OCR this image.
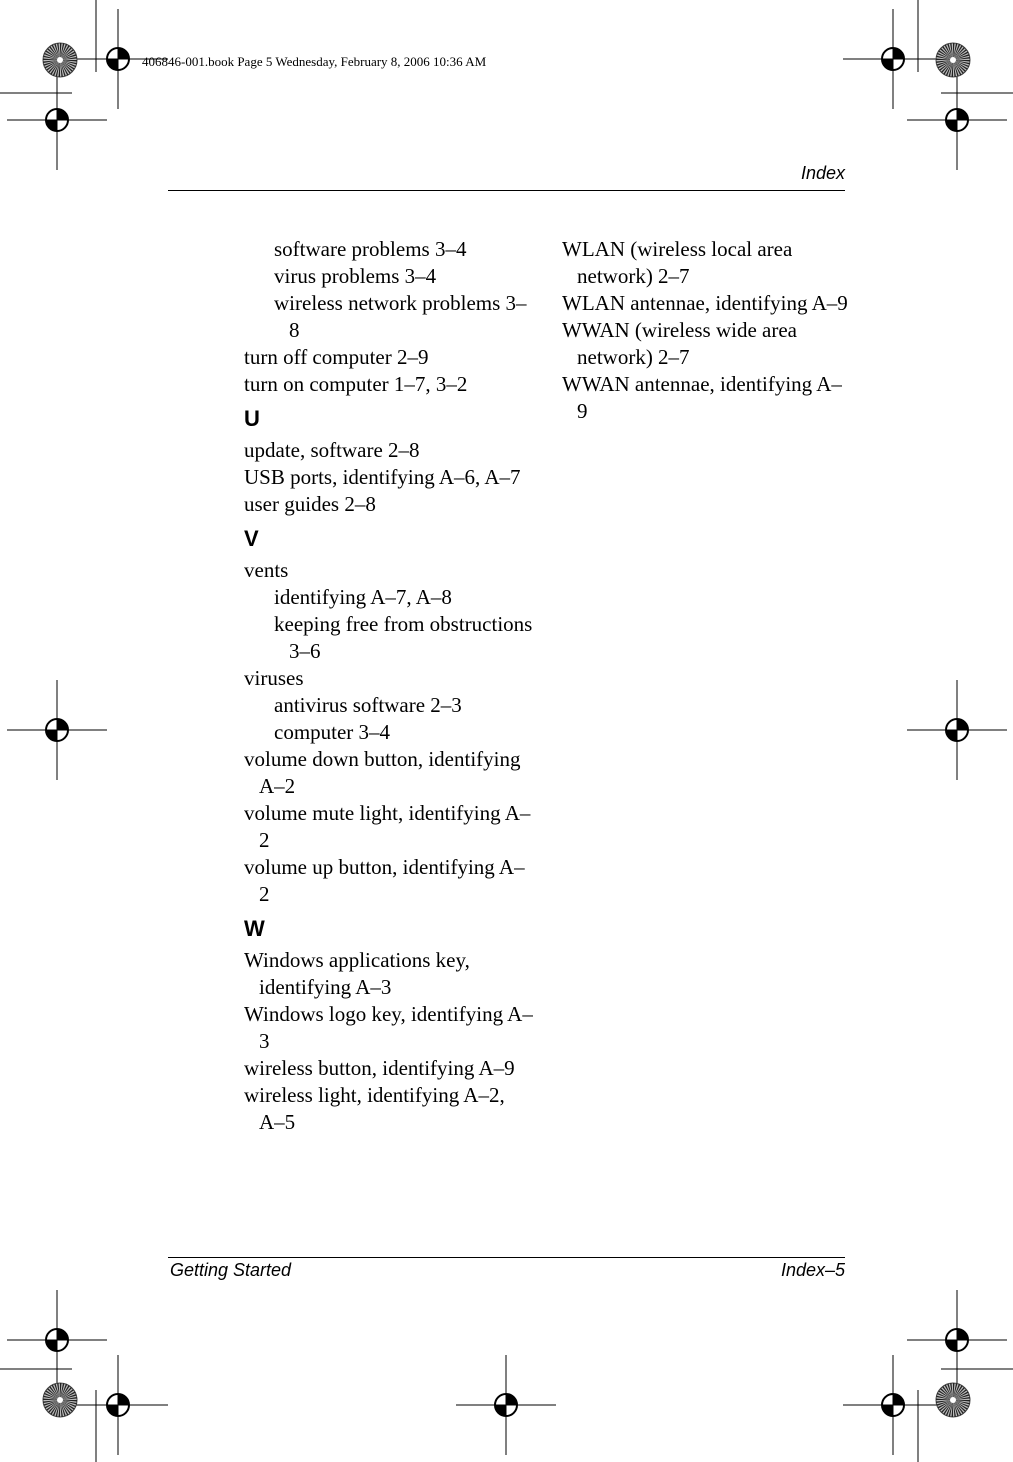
406846-001.book Page 5 Wednesday, February 8, 2006 10:36 AM
Index
software problems 3–4
virus problems 3–4
wireless network problems 3–8
turn off computer 2–9
turn on computer 1–7, 3–2
U
update, software 2–8
USB ports, identifying A–6, A–7
user guides 2–8
V
vents
identifying A–7, A–8
keeping free from obstructions 3–6
viruses
antivirus software 2–3
computer 3–4
volume down button, identifying A–2
volume mute light, identifying A–2
volume up button, identifying A–2
W
Windows applications key, identifying A–3
Windows logo key, identifying A–3
wireless button, identifying A–9
wireless light, identifying A–2, A–5
WLAN (wireless local area network) 2–7
WLAN antennae, identifying A–9
WWAN (wireless wide area network) 2–7
WWAN antennae, identifying A–9
Getting Started	Index–5
